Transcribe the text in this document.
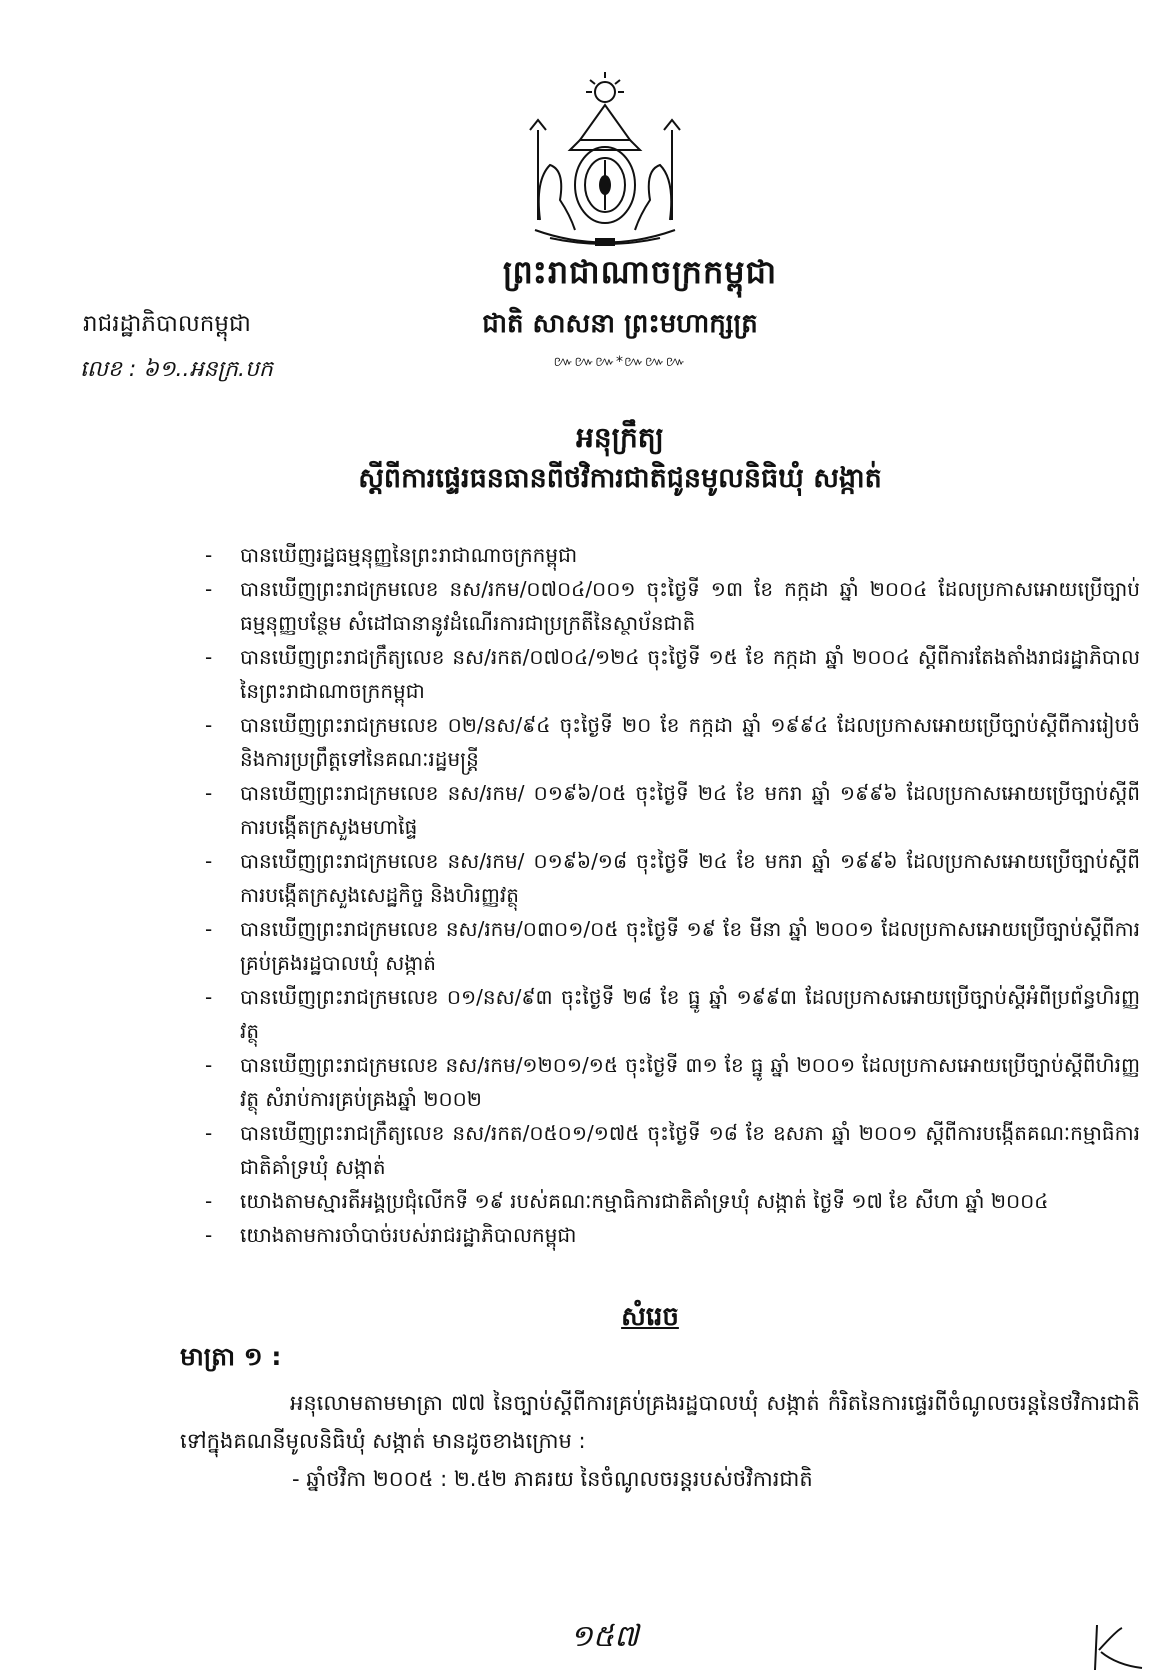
ព្រះរាជាណាចក្រកម្ពុជា
ជាតិ សាសនា ព្រះមហាក្សត្រ
៚៚៚*៚៚៚
រាជរដ្ឋាភិបាលកម្ពុជា
លេខ : ៦១..អនក្រ.បក
អនុក្រឹត្យ
ស្តីពីការផ្ទេរធនធានពីថវិការជាតិជូនមូលនិធិឃុំ សង្កាត់
- បានឃើញរដ្ឋធម្មនុញ្ញនៃព្រះរាជាណាចក្រកម្ពុជា
- បានឃើញព្រះរាជក្រមលេខ នស/រកម/០៧០៤/០០១ ចុះថ្ងៃទី ១៣ ខែ កក្កដា ឆ្នាំ ២០០៤ ដែលប្រកាសអោយប្រើច្បាប់ធម្មនុញ្ញបន្ថែម សំដៅធានានូវដំណើរការជាប្រក្រតីនៃស្ថាប័នជាតិ
- បានឃើញព្រះរាជក្រឹត្យលេខ នស/រកត/០៧០៤/១២៤ ចុះថ្ងៃទី ១៥ ខែ កក្កដា ឆ្នាំ ២០០៤ ស្តីពីការតែងតាំងរាជរដ្ឋាភិបាលនៃព្រះរាជាណាចក្រកម្ពុជា
- បានឃើញព្រះរាជក្រមលេខ ០២/នស/៩៤ ចុះថ្ងៃទី ២០ ខែ កក្កដា ឆ្នាំ ១៩៩៤ ដែលប្រកាសអោយប្រើច្បាប់ស្តីពីការរៀបចំ និងការប្រព្រឹត្តទៅនៃគណៈរដ្ឋមន្ត្រី
- បានឃើញព្រះរាជក្រមលេខ នស/រកម/ ០១៩៦/០៥ ចុះថ្ងៃទី ២៤ ខែ មករា ឆ្នាំ ១៩៩៦ ដែលប្រកាសអោយប្រើច្បាប់ស្តីពីការបង្កើតក្រសួងមហាផ្ទៃ
- បានឃើញព្រះរាជក្រមលេខ នស/រកម/ ០១៩៦/១៨ ចុះថ្ងៃទី ២៤ ខែ មករា ឆ្នាំ ១៩៩៦ ដែលប្រកាសអោយប្រើច្បាប់ស្តីពីការបង្កើតក្រសួងសេដ្ឋកិច្ច និងហិរញ្ញវត្ថុ
- បានឃើញព្រះរាជក្រមលេខ នស/រកម/០៣០១/០៥ ចុះថ្ងៃទី ១៩ ខែ មីនា ឆ្នាំ ២០០១ ដែលប្រកាសអោយប្រើច្បាប់ស្តីពីការគ្រប់គ្រងរដ្ឋបាលឃុំ សង្កាត់
- បានឃើញព្រះរាជក្រមលេខ ០១/នស/៩៣ ចុះថ្ងៃទី ២៨ ខែ ធ្នូ ឆ្នាំ ១៩៩៣ ដែលប្រកាសអោយប្រើច្បាប់ស្តីអំពីប្រព័ន្ធហិរញ្ញវត្ថុ
- បានឃើញព្រះរាជក្រមលេខ នស/រកម/១២០១/១៥ ចុះថ្ងៃទី ៣១ ខែ ធ្នូ ឆ្នាំ ២០០១ ដែលប្រកាសអោយប្រើច្បាប់ស្តីពីហិរញ្ញវត្ថុ សំរាប់ការគ្រប់គ្រងឆ្នាំ ២០០២
- បានឃើញព្រះរាជក្រឹត្យលេខ នស/រកត/០៥០១/១៧៥ ចុះថ្ងៃទី ១៨ ខែ ឧសភា ឆ្នាំ ២០០១ ស្តីពីការបង្កើតគណៈកម្មាធិការជាតិគាំទ្រឃុំ សង្កាត់
- យោងតាមស្មារតីអង្គប្រជុំលើកទី ១៩ របស់គណៈកម្មាធិការជាតិគាំទ្រឃុំ សង្កាត់ ថ្ងៃទី ១៧ ខែ សីហា ឆ្នាំ ២០០៤
- យោងតាមការចាំបាច់របស់រាជរដ្ឋាភិបាលកម្ពុជា
សំរេច
មាត្រា ១ :
អនុលោមតាមមាត្រា ៧៧ នៃច្បាប់ស្តីពីការគ្រប់គ្រងរដ្ឋបាលឃុំ សង្កាត់ កំរិតនៃការផ្ទេរពីចំណូលចរន្តនៃថវិការជាតិទៅក្នុងគណនីមូលនិធិឃុំ សង្កាត់ មានដូចខាងក្រោម :
- ឆ្នាំថវិកា ២០០៥ : ២.៥២ ភាគរយ នៃចំណូលចរន្តរបស់ថវិការជាតិ
១៥៧
